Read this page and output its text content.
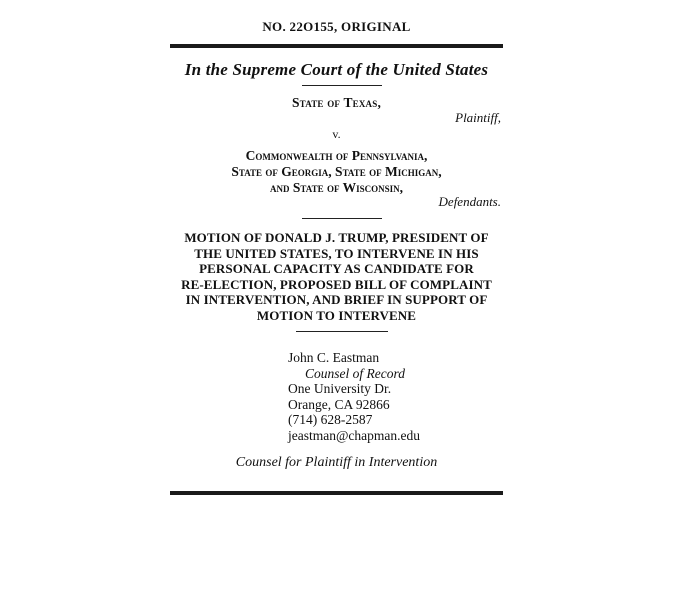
NO. 22O155, ORIGINAL
In the Supreme Court of the United States
State of Texas,
Plaintiff,
v.
Commonwealth of Pennsylvania,
State of Georgia, State of Michigan,
and State of Wisconsin,
Defendants.
MOTION OF DONALD J. TRUMP, PRESIDENT OF
THE UNITED STATES, TO INTERVENE IN HIS
PERSONAL CAPACITY AS CANDIDATE FOR
RE-ELECTION, PROPOSED BILL OF COMPLAINT
IN INTERVENTION, AND BRIEF IN SUPPORT OF
MOTION TO INTERVENE
John C. Eastman
Counsel of Record
One University Dr.
Orange, CA 92866
(714) 628-2587
jeastman@chapman.edu
Counsel for Plaintiff in Intervention
